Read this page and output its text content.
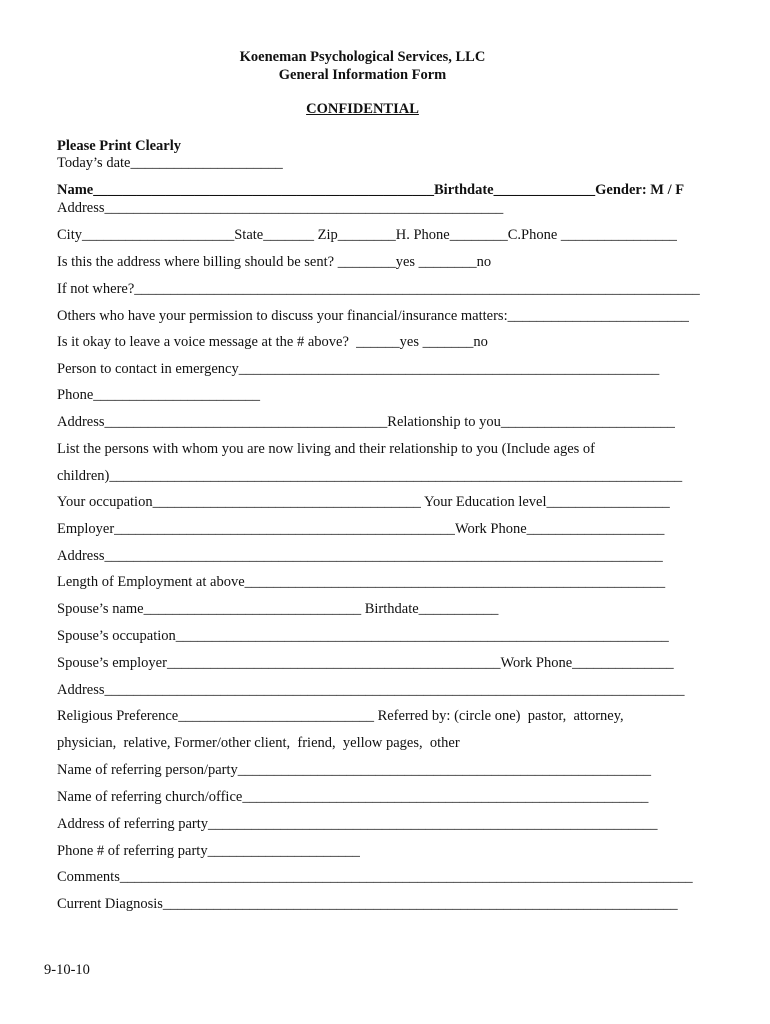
Koeneman Psychological Services, LLC
General Information Form
CONFIDENTIAL
Please Print Clearly
Today’s date_____________________
Name_______________________________________________Birthdate______________Gender: M / F
Address_______________________________________________________
City_____________________State_______ Zip________H. Phone________C.Phone ________________
Is this the address where billing should be sent? ________yes ________no
If not where?______________________________________________________________________________
Others who have your permission to discuss your financial/insurance matters:_________________________
Is it okay to leave a voice message at the # above?  ______yes _______no
Person to contact in emergency__________________________________________________________
Phone_______________________
Address_______________________________________Relationship to you________________________
List the persons with whom you are now living and their relationship to you (Include ages of
children)_______________________________________________________________________________
Your occupation_____________________________________ Your Education level_________________
Employer_______________________________________________Work Phone___________________
Address_____________________________________________________________________________
Length of Employment at above__________________________________________________________
Spouse’s name______________________________ Birthdate___________
Spouse’s occupation____________________________________________________________________
Spouse’s employer______________________________________________Work Phone______________
Address________________________________________________________________________________
Religious Preference___________________________ Referred by: (circle one)  pastor,  attorney,
physician,  relative, Former/other client,  friend,  yellow pages,  other
Name of referring person/party_________________________________________________________
Name of referring church/office________________________________________________________
Address of referring party______________________________________________________________
Phone # of referring party_____________________
Comments_______________________________________________________________________________
Current Diagnosis_______________________________________________________________________
9-10-10
